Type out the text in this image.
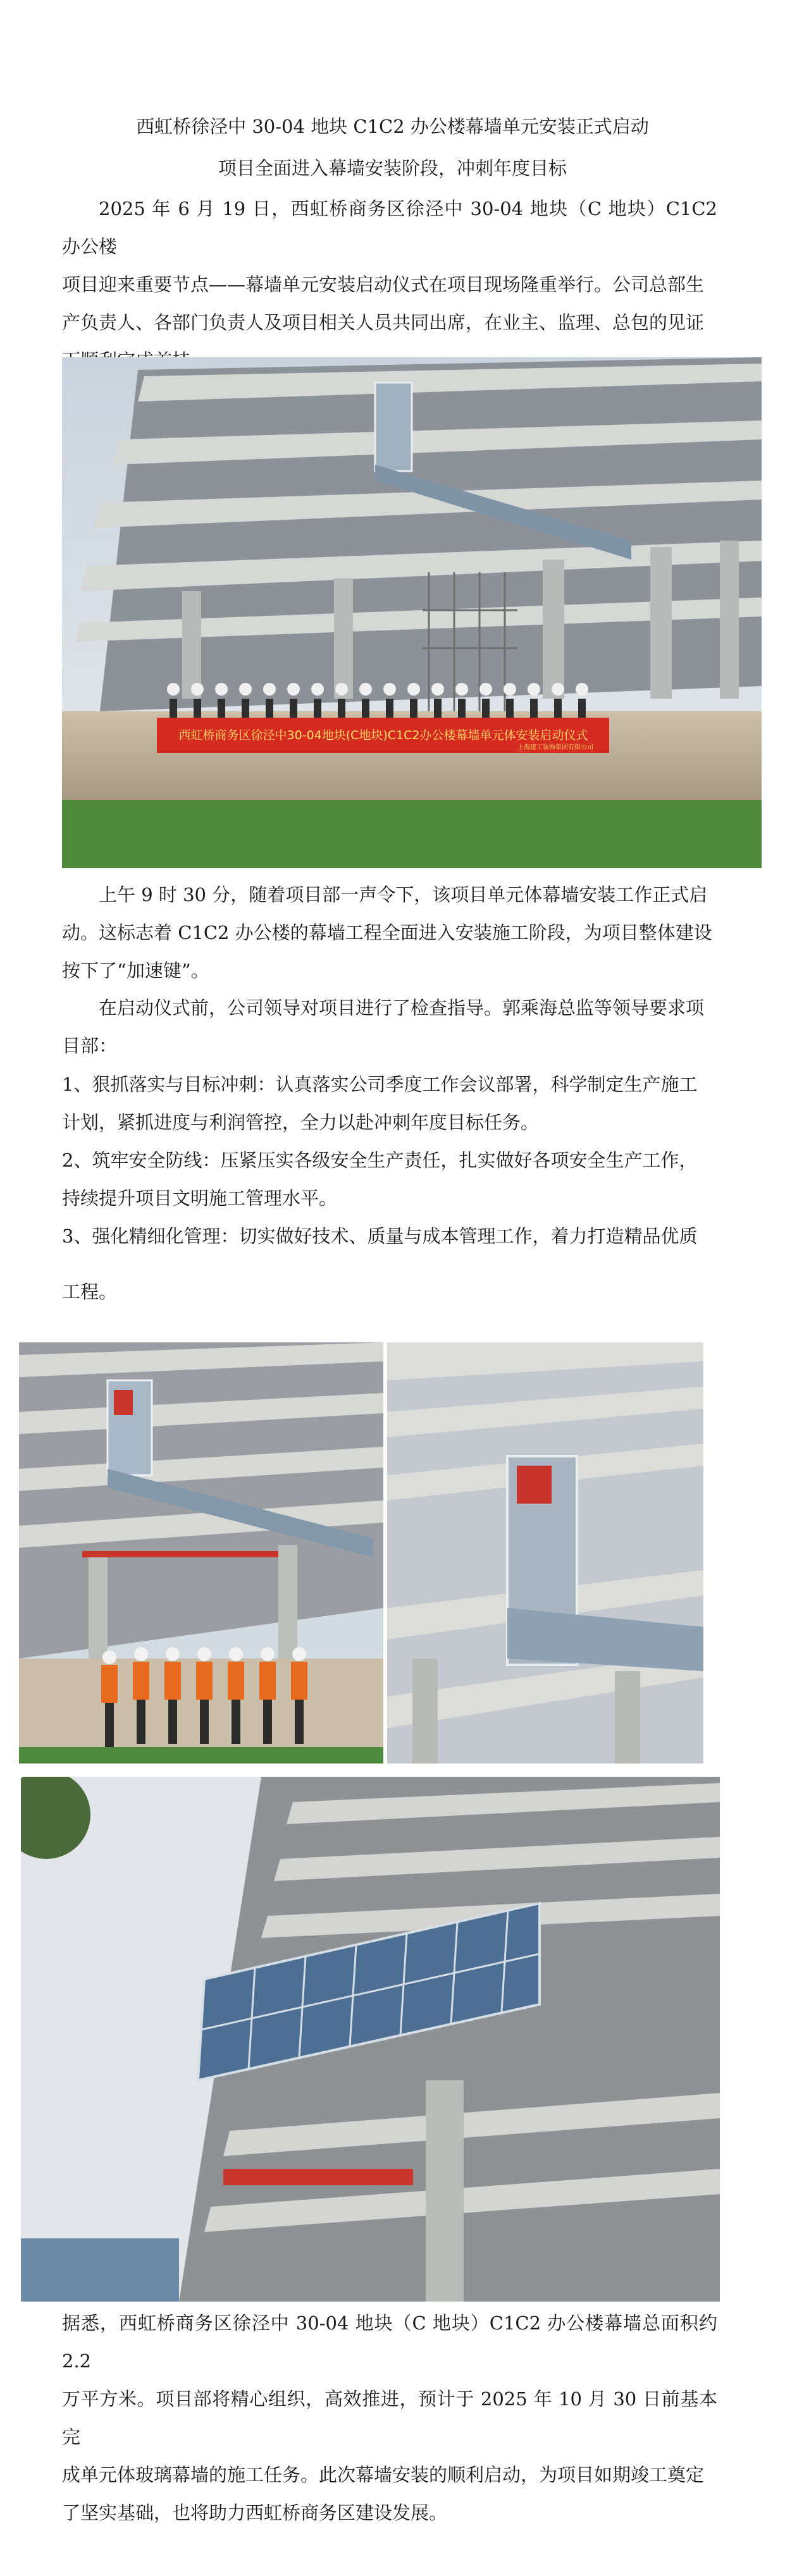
西虹桥徐泾中 30-04 地块 C1C2 办公楼幕墙单元安装正式启动
项目全面进入幕墙安装阶段，冲刺年度目标
2025 年 6 月 19 日，西虹桥商务区徐泾中 30-04 地块（C 地块）C1C2 办公楼
项目迎来重要节点——幕墙单元安装启动仪式在项目现场隆重举行。公司总部生
产负责人、各部门负责人及项目相关人员共同出席，在业主、监理、总包的见证
西虹桥商务区徐泾中30-04地块(C地块)C1C2办公楼幕墙单元体安装启动仪式
上海建工装饰集团有限公司
上午 9 时 30 分，随着项目部一声令下，该项目单元体幕墙安装工作正式启
动。这标志着 C1C2 办公楼的幕墙工程全面进入安装施工阶段，为项目整体建设
按下了“加速键”。
在启动仪式前，公司领导对项目进行了检查指导。郭乘海总监等领导要求项
目部：
1、狠抓落实与目标冲刺：认真落实公司季度工作会议部署，科学制定生产施工
计划，紧抓进度与利润管控，全力以赴冲刺年度目标任务。
2、筑牢安全防线：压紧压实各级安全生产责任，扎实做好各项安全生产工作，
持续提升项目文明施工管理水平。
3、强化精细化管理：切实做好技术、质量与成本管理工作，着力打造精品优质
工程。
据悉，西虹桥商务区徐泾中 30-04 地块（C 地块）C1C2 办公楼幕墙总面积约 2.2
万平方米。项目部将精心组织，高效推进，预计于 2025 年 10 月 30 日前基本完
成单元体玻璃幕墙的施工任务。此次幕墙安装的顺利启动，为项目如期竣工奠定
了坚实基础，也将助力西虹桥商务区建设发展。
